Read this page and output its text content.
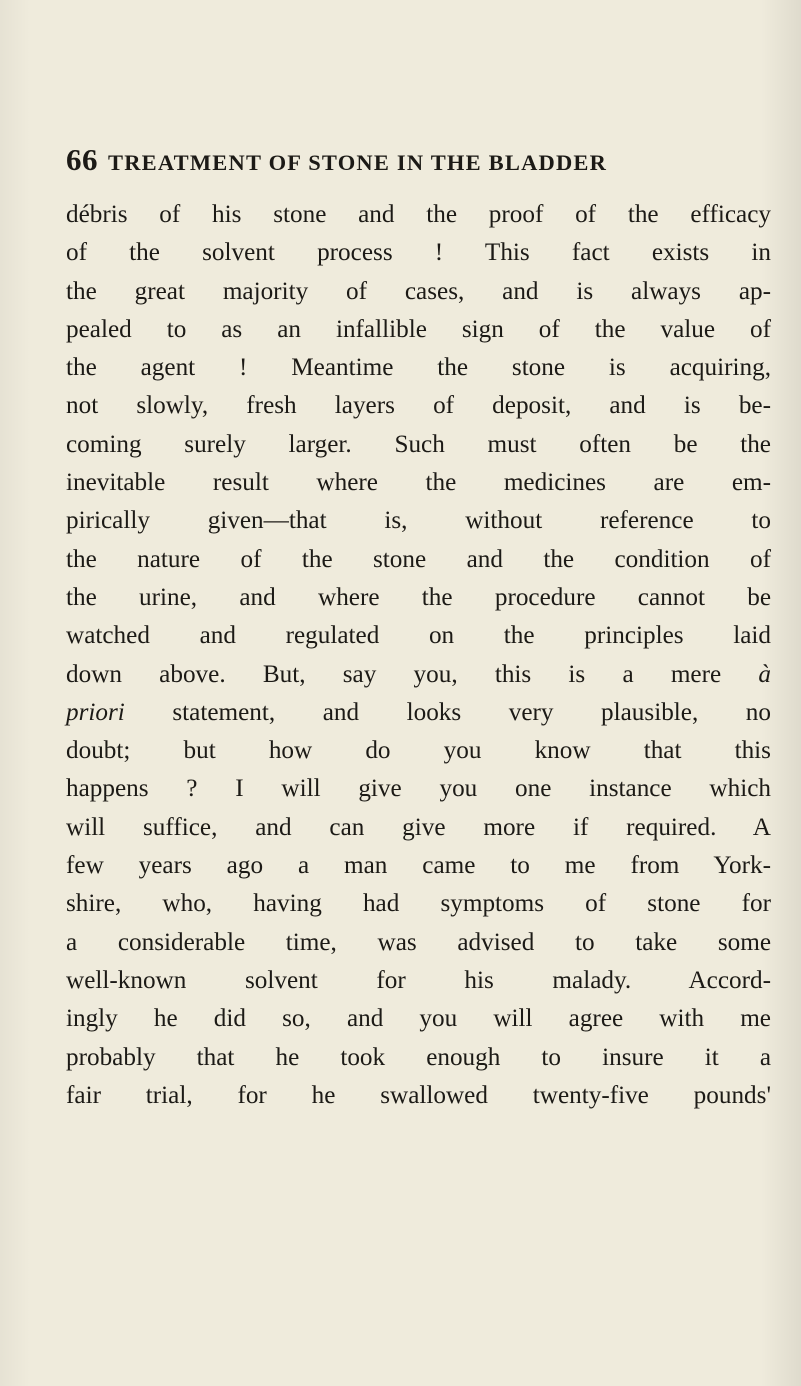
66 TREATMENT OF STONE IN THE BLADDER
débris of his stone and the proof of the efficacy
of the solvent process ! This fact exists in
the great majority of cases, and is always ap-
pealed to as an infallible sign of the value of
the agent ! Meantime the stone is acquiring,
not slowly, fresh layers of deposit, and is be-
coming surely larger. Such must often be the
inevitable result where the medicines are em-
pirically given—that is, without reference to
the nature of the stone and the condition of
the urine, and where the procedure cannot be
watched and regulated on the principles laid
down above. But, say you, this is a mere à
priori statement, and looks very plausible, no
doubt; but how do you know that this
happens ? I will give you one instance which
will suffice, and can give more if required. A
few years ago a man came to me from York-
shire, who, having had symptoms of stone for
a considerable time, was advised to take some
well-known solvent for his malady. Accord-
ingly he did so, and you will agree with me
probably that he took enough to insure it a
fair trial, for he swallowed twenty-five pounds'
